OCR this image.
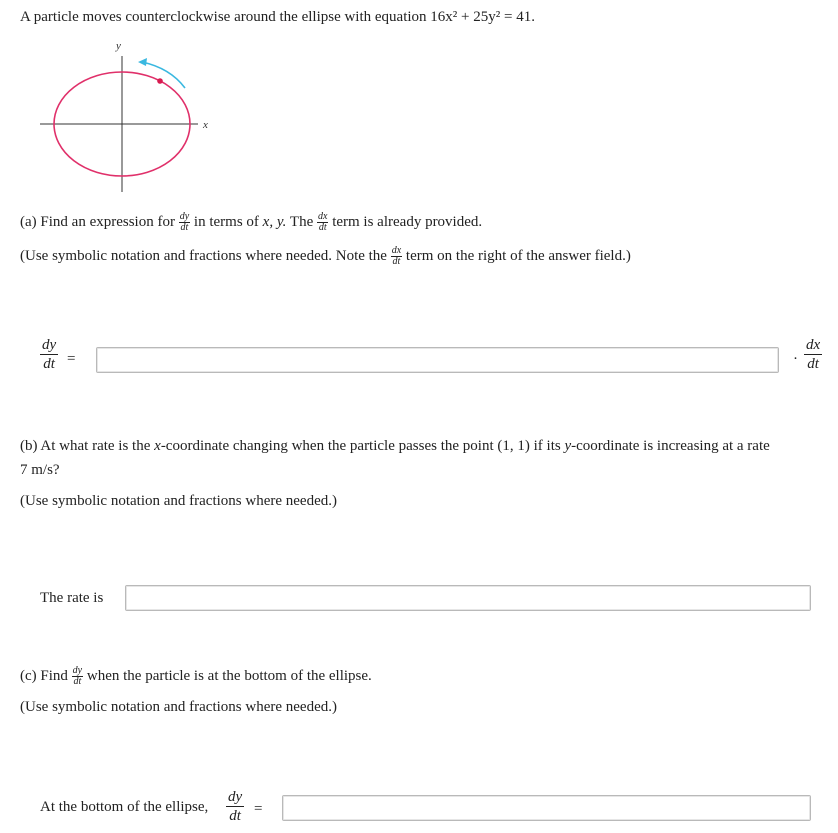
A particle moves counterclockwise around the ellipse with equation 16x² + 25y² = 41.
y
x
(a) Find an expression for $\frac{dy}{dt}$ in terms of x, y. The $\frac{dx}{dt}$ term is already provided.
(Use symbolic notation and fractions where needed. Note the $\frac{dx}{dt}$ term on the right of the answer field.)
$\frac{dy}{dt}$ =	· $\frac{dx}{dt}$
(b) At what rate is the x-coordinate changing when the particle passes the point (1, 1) if its y-coordinate is increasing at a rate
7 m/s?
(Use symbolic notation and fractions where needed.)
The rate is
(c) Find $\frac{dy}{dt}$ when the particle is at the bottom of the ellipse.
(Use symbolic notation and fractions where needed.)
At the bottom of the ellipse, $\frac{dy}{dt}$ =
